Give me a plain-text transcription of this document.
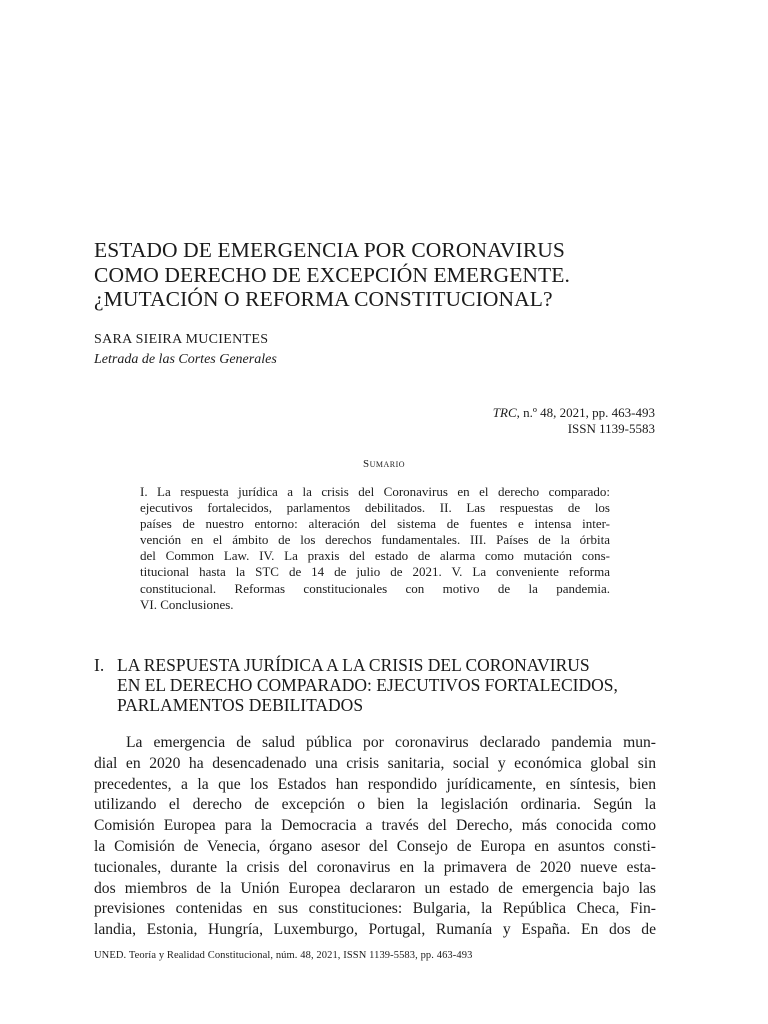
ESTADO DE EMERGENCIA POR CORONAVIRUS
COMO DERECHO DE EXCEPCIÓN EMERGENTE.
¿MUTACIÓN O REFORMA CONSTITUCIONAL?
SARA SIEIRA MUCIENTES
Letrada de las Cortes Generales
TRC, n.º 48, 2021, pp. 463-493
ISSN 1139-5583
Sumario
I. La respuesta jurídica a la crisis del Coronavirus en el derecho comparado:
ejecutivos fortalecidos, parlamentos debilitados. II. Las respuestas de los
países de nuestro entorno: alteración del sistema de fuentes e intensa inter-
vención en el ámbito de los derechos fundamentales. III. Países de la órbita
del Common Law. IV. La praxis del estado de alarma como mutación cons-
titucional hasta la STC de 14 de julio de 2021. V. La conveniente reforma
constitucional. Reformas constitucionales con motivo de la pandemia.
VI. Conclusiones.
I. LA RESPUESTA JURÍDICA A LA CRISIS DEL CORONAVIRUS
EN EL DERECHO COMPARADO: EJECUTIVOS FORTALECIDOS,
PARLAMENTOS DEBILITADOS
La emergencia de salud pública por coronavirus declarado pandemia mun-
dial en 2020 ha desencadenado una crisis sanitaria, social y económica global sin
precedentes, a la que los Estados han respondido jurídicamente, en síntesis, bien
utilizando el derecho de excepción o bien la legislación ordinaria. Según la
Comisión Europea para la Democracia a través del Derecho, más conocida como
la Comisión de Venecia, órgano asesor del Consejo de Europa en asuntos consti-
tucionales, durante la crisis del coronavirus en la primavera de 2020 nueve esta-
dos miembros de la Unión Europea declararon un estado de emergencia bajo las
previsiones contenidas en sus constituciones: Bulgaria, la República Checa, Fin-
landia, Estonia, Hungría, Luxemburgo, Portugal, Rumanía y España. En dos de
UNED. Teoría y Realidad Constitucional, núm. 48, 2021, ISSN 1139-5583, pp. 463-493
